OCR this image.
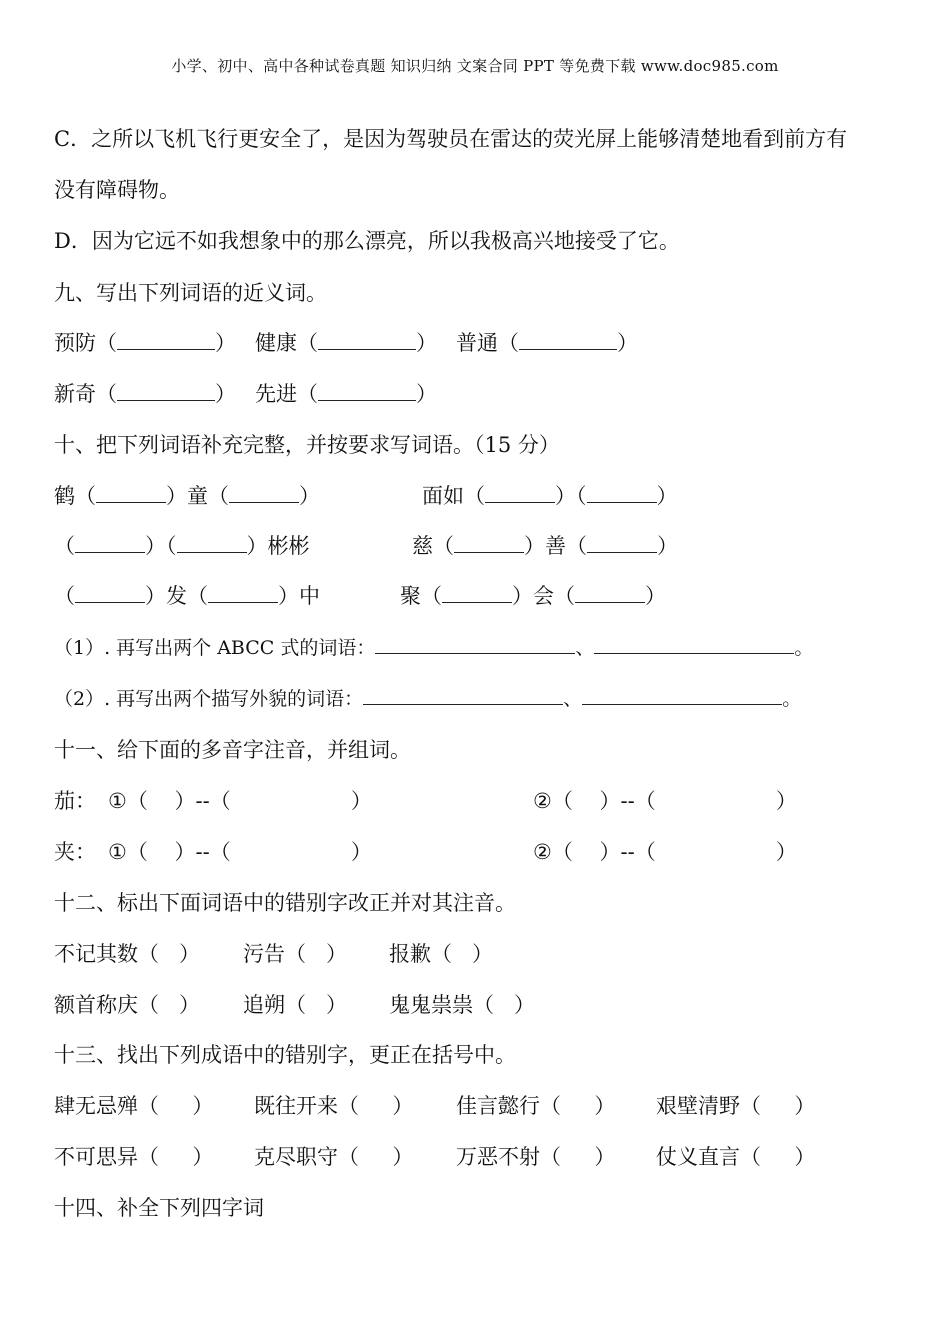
小学、初中、高中各种试卷真题 知识归纳 文案合同 PPT 等免费下载 www.doc985.com
C．之所以飞机飞行更安全了，是因为驾驶员在雷达的荧光屏上能够清楚地看到前方有
没有障碍物。
D．因为它远不如我想象中的那么漂亮，所以我极高兴地接受了它。
九、写出下列词语的近义词。
预防（	） 健康（	） 普通（	）
新奇（	） 先进（	）
十、把下列词语补充完整，并按要求写词语。（15 分）
鹤（	）童（	）	面如（	）（	）
（	）（	）彬彬	慈（	）善（	）
（	）发（	）中	聚（	）会（	）
（1）. 再写出两个 ABCC 式的词语：	、	。
（2）. 再写出两个描写外貌的词语：	、	。
十一、给下面的多音字注音，并组词。
茄： ①（    ）--（                  ）	②（    ）--（                  ）
夹： ①（    ）--（                  ）	②（    ）--（                  ）
十二、标出下面词语中的错别字改正并对其注音。
不记其数（   ） 污告（   ） 报歉（   ）
额首称庆（   ） 追朔（   ） 鬼鬼祟祟（   ）
十三、找出下列成语中的错别字，更正在括号中。
肆无忌殚（     ） 既往开来（     ） 佳言懿行（     ） 艰壁清野（     ）
不可思异（     ） 克尽职守（     ） 万恶不射（     ） 仗义直言（     ）
十四、补全下列四字词
